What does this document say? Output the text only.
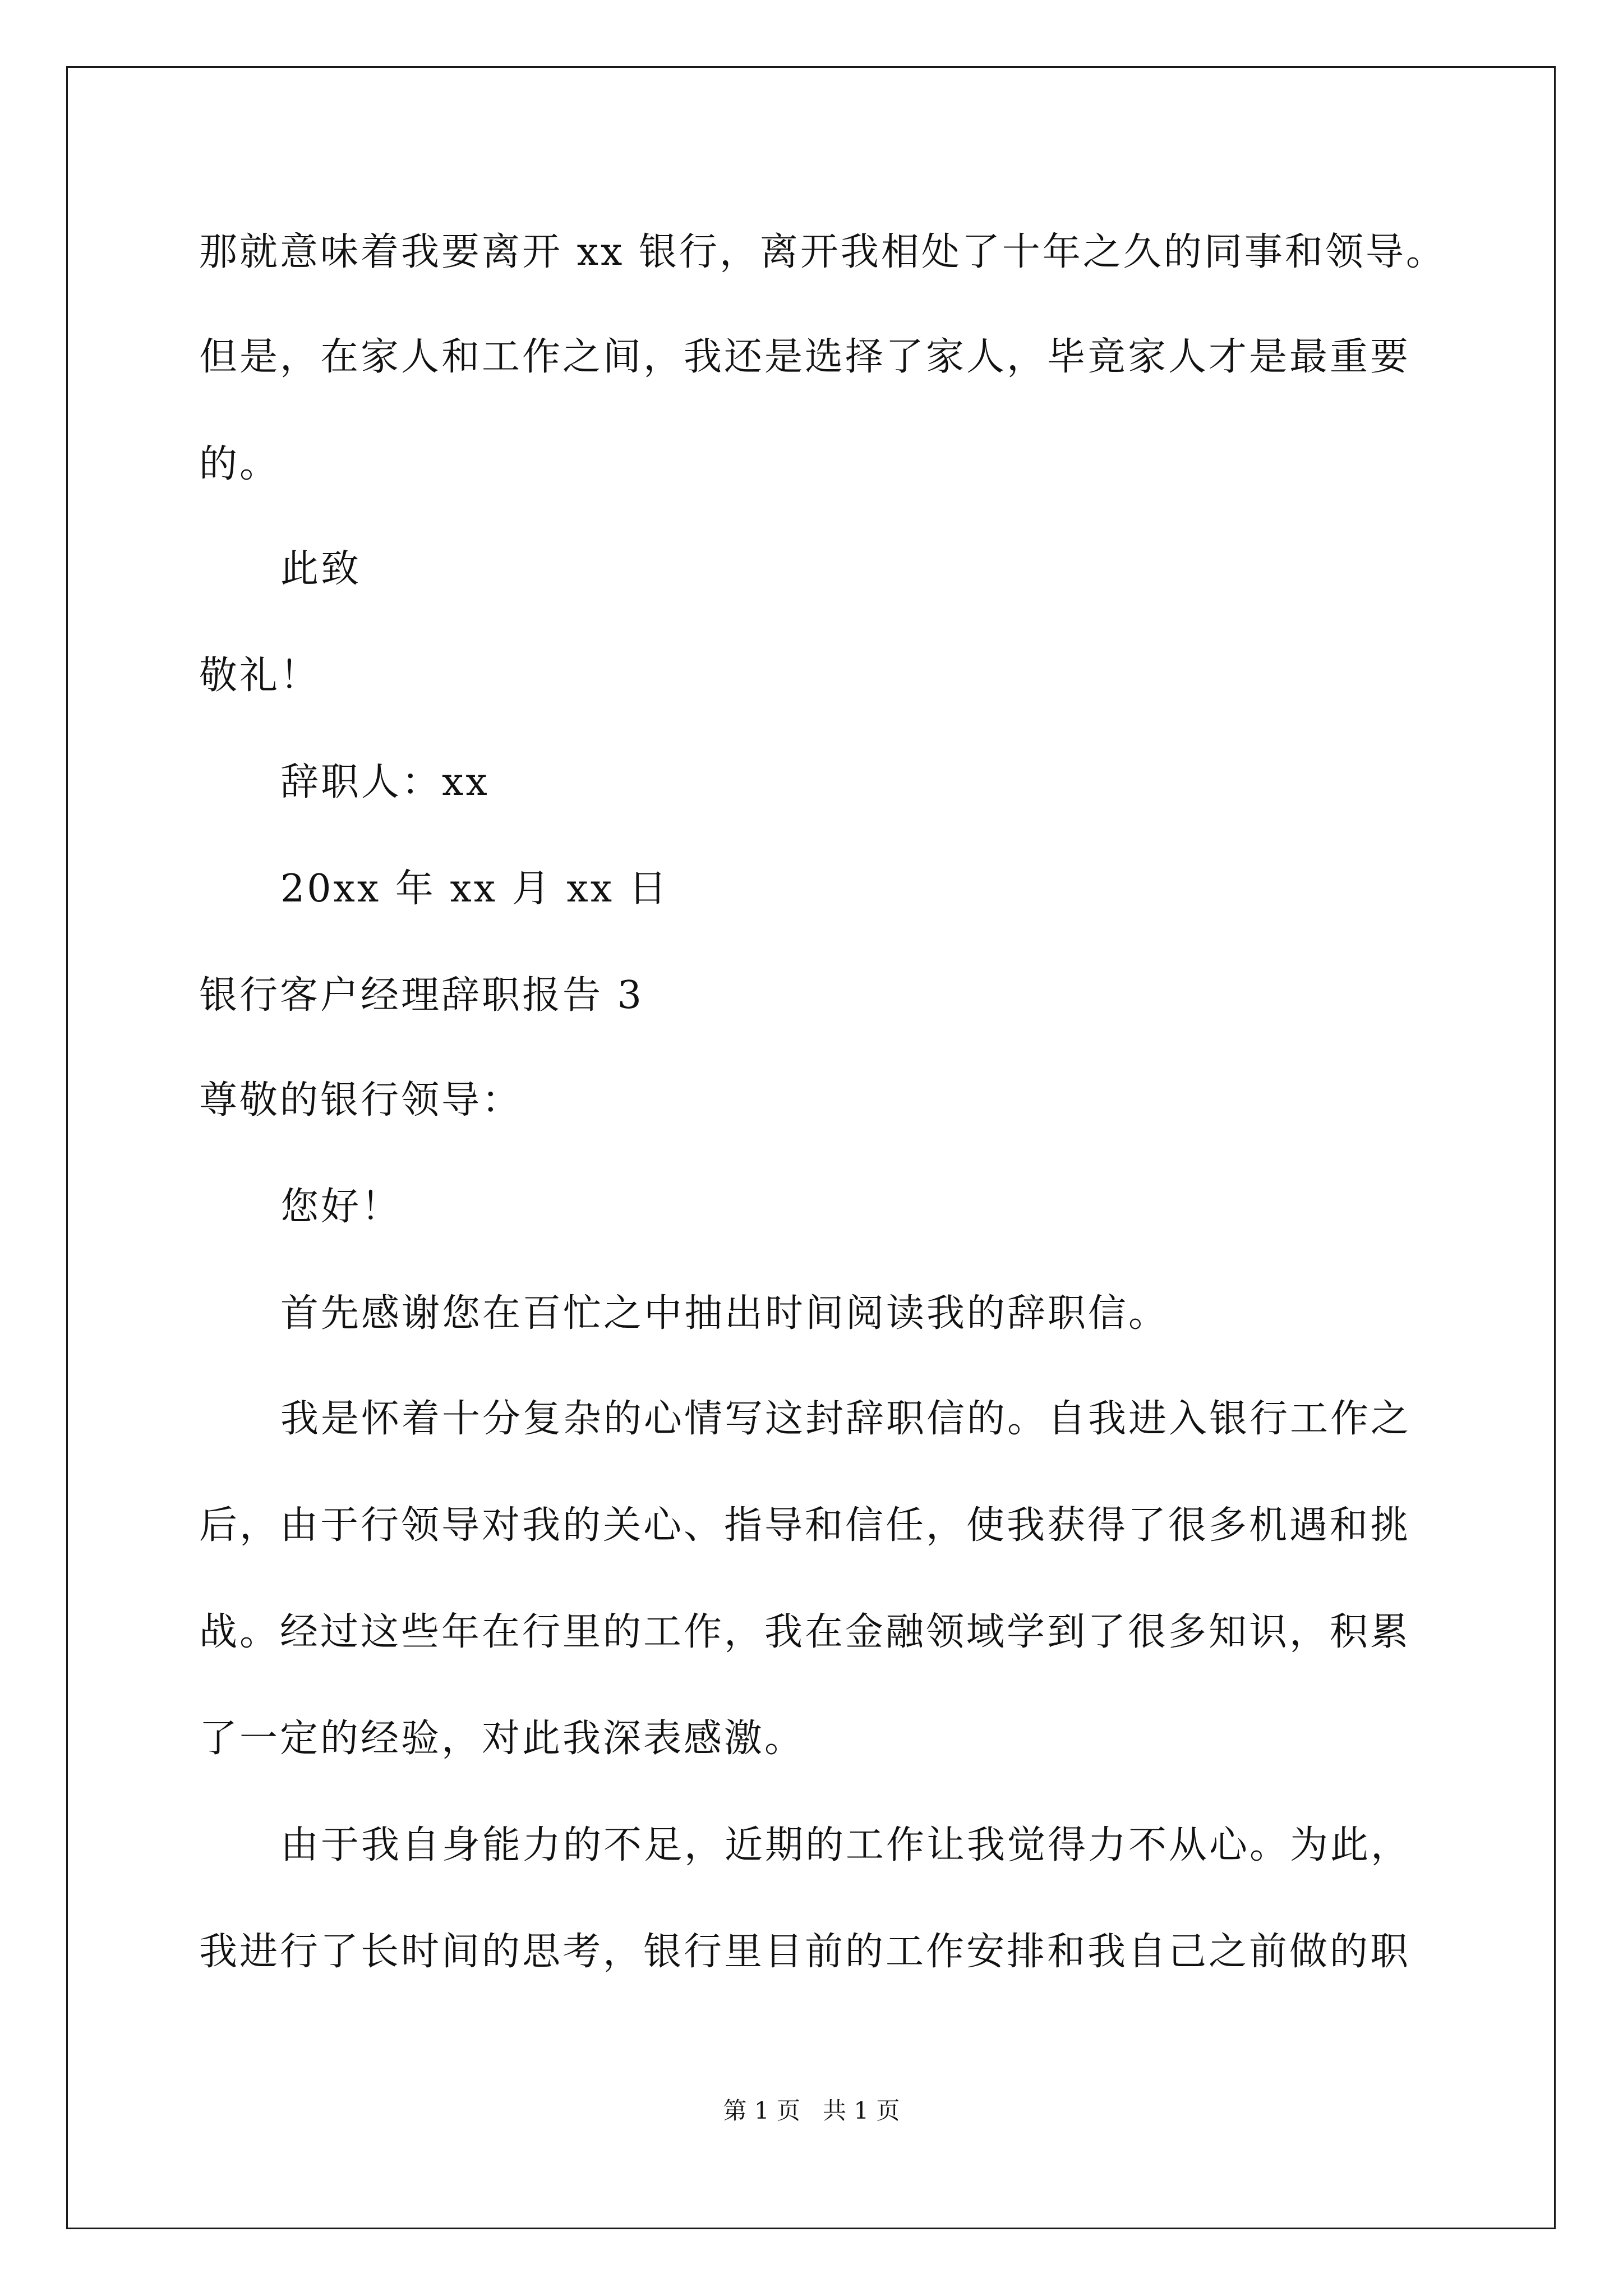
那就意味着我要离开 xx 银行，离开我相处了十年之久的同事和领导。
但是，在家人和工作之间，我还是选择了家人，毕竟家人才是最重要
的。
此致
敬礼！
辞职人：xx
20xx 年 xx 月 xx 日
银行客户经理辞职报告 3
尊敬的银行领导：
您好！
首先感谢您在百忙之中抽出时间阅读我的辞职信。
我是怀着十分复杂的心情写这封辞职信的。自我进入银行工作之
后，由于行领导对我的关心、指导和信任，使我获得了很多机遇和挑
战。经过这些年在行里的工作，我在金融领域学到了很多知识，积累
了一定的经验，对此我深表感激。
由于我自身能力的不足，近期的工作让我觉得力不从心。为此，
我进行了长时间的思考，银行里目前的工作安排和我自己之前做的职
第 1 页   共 1 页
